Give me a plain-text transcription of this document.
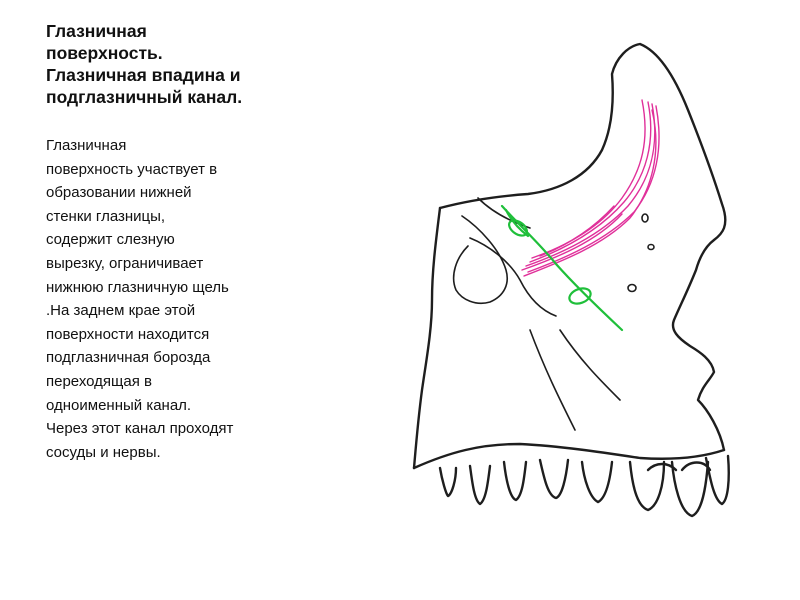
Глазничная
поверхность.
Глазничная впадина и
подглазничный канал.
Глазничная
поверхность участвует в
образовании нижней
стенки глазницы,
содержит слезную
вырезку, ограничивает
нижнюю глазничную щель
.На заднем крае этой
поверхности находится
подглазничная борозда
переходящая в
одноименный канал.
Через этот канал проходят
сосуды и нервы.
